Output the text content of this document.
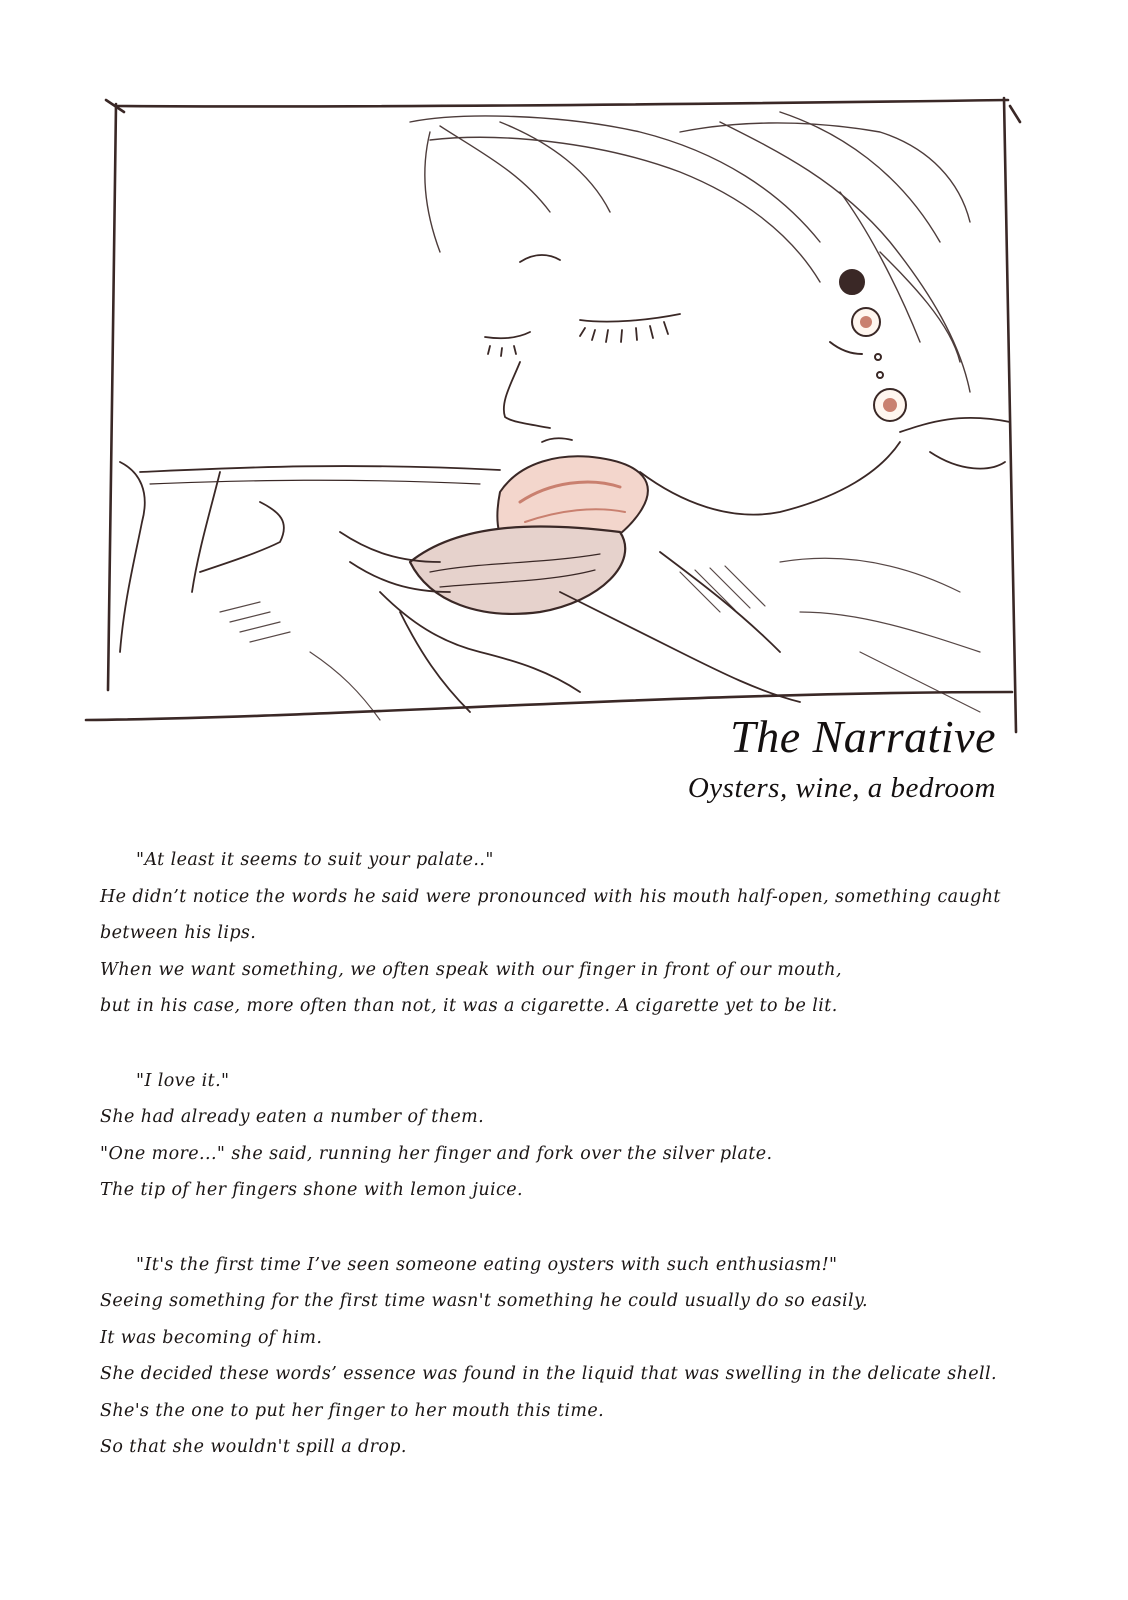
The Narrative
Oysters, wine, a bedroom
"At least it seems to suit your palate.."
He didn’t notice the words he said were pronounced with his mouth half-open, something caught
between his lips.
When we want something, we often speak with our finger in front of our mouth,
but in his case, more often than not, it was a cigarette. A cigarette yet to be lit.
"I love it."
She had already eaten a number of them.
"One more..." she said, running her finger and fork over the silver plate.
The tip of her fingers shone with lemon juice.
"It's the first time I’ve seen someone eating oysters with such enthusiasm!"
Seeing something for the first time wasn't something he could usually do so easily.
It was becoming of him.
She decided these words’ essence was found in the liquid that was swelling in the delicate shell.
She's the one to put her finger to her mouth this time.
So that she wouldn't spill a drop.
